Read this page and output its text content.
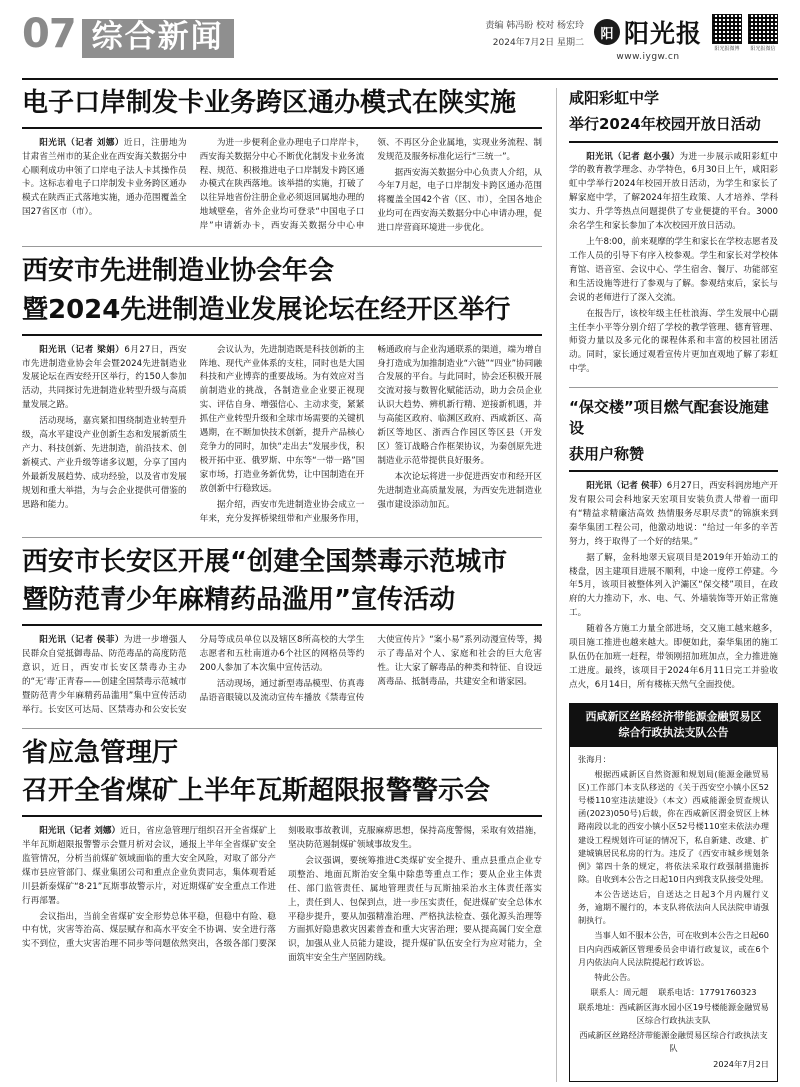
07 综合新闻	责编 韩冯盼 校对 杨宏玲
2024年7月2日 星期二
阳 阳光报
www.iygw.cn
阳光报微博	阳光报微信
电子口岸制发卡业务跨区通办模式在陕实施

阳光讯（记者 刘娜）近日，注册地为甘肃省兰州市的某企业在西安海关数据分中心顺利成功申领了口岸电子法人卡其操作员卡。这标志着电子口岸制发卡业务跨区通办模式在陕西正式落地实施，通办范围覆盖全国27省区市（市）。

为进一步便利企业办理电子口岸岸卡，西安海关数据分中心不断优化制发卡业务流程、规范、积极推进电子口岸制发卡跨区通办模式在陕西落地。该举措的实施，打破了以往异地省份注册企业必须返回属地办理的地域壁垒，省外企业均可登录“中国电子口岸”申请新办卡，西安海关数据分中心申领、不再区分企业属地，实现业务流程、制发规范及服务标准化运行“三统一”。

据西安海关数据分中心负责人介绍，从今年7月起，电子口岸制发卡跨区通办范围将覆盖全国42个省（区、市），全国各地企业均可在西安海关数据分中心申请办理，促进口岸营商环境进一步优化。

西安市先进制造业协会年会
暨2024先进制造业发展论坛在经开区举行

阳光讯（记者 梁娟）6月27日，西安市先进制造业协会年会暨2024先进制造业发展论坛在西安经开区举行，约150人参加活动，共同探讨先进制造业转型升级与高质量发展之路。

活动现场，嘉宾紧扣围绕制造业转型升级，高水平建设产业创新生态和发展新质生产力、科技创新、先进制造，前沿技术、创新模式、产业升级等诸多议题，分享了国内外最新发展趋势、成功经验，以及省市发展规划和重大举措，为与会企业提供可借鉴的思路和能力。

会议认为，先进制造既是科技创新的主阵地、现代产业体系的支柱，同时也是大国科技和产业博弈的重要战场。为有效应对当前制造业的挑战，各制造业企业要正视现实、评估自身、增强信心、主动求变，紧紧抓住产业转型升级和全球市场需要的关键机遇期，在不断加快技术创新，提升产品核心竞争力的同时，加快“走出去”发展步伐，积极开拓中亚、俄罗斯、中东等“一带一路”国家市场，打造业务新优势，让中国制造在开放创新中行稳致远。

据介绍，西安市先进制造业协会成立一年来，充分发挥桥梁纽带和产业服务作用，畅通政府与企业沟通联系的渠道，端为增自身打造成为加推制造业“六链”“四业”协同融合发展的平台。与此同时，协会还积极开展交流对接与数智化赋能活动，助力会员企业认识大趋势、辨机新行精、逆接新机遇，并与高能区政府、临渊区政府、西咸新区、高新区等地区、浙西合作园区等区县（开发区）签订战略合作框架协议，为秦创原先进制造业示范带提供良好服务。

本次论坛将进一步促进西安市和经开区先进制造业高质量发展，为西安先进制造业强市建设添动加瓦。

西安市长安区开展“创建全国禁毒示范城市
暨防范青少年麻精药品滥用”宣传活动

阳光讯（记者 侯菲）为进一步增强人民群众自觉抵御毒品、防范毒品的高度防范意识，近日，西安市长安区禁毒办主办的“无‘毒’正青春——创建全国禁毒示范城市暨防范青少年麻精药品滥用”集中宣传活动举行。长安区可达局、区禁毒办和公安长安分局等成员单位以及辖区8所高校的大学生志愿者和五杜南道办6个社区的网格员等约200人参加了本次集中宣传活动。

活动现场，通过新型毒品模型、仿真毒品语音眼镜以及流动宣传车播放《禁毒宣传大使宣传片》“案小易”系列动漫宣传等，揭示了毒品对个人、家庭和社会的巨大危害性。让大家了解毒品的种类和特征、自设远离毒品、抵制毒品，共建安全和谐家园。

省应急管理厅
召开全省煤矿上半年瓦斯超限报警警示会

阳光讯（记者 刘娜）近日，省应急管理厅组织召开全省煤矿上半年瓦斯超限报警警示会暨月析对会议，通报上半年全省煤矿安全监管情况，分析当前煤矿领域面临的重大安全风险，对取了部分产煤市县应管部门、煤业集团公司和重点企业负责同志，集体观看延川县新泰煤矿“8·21”瓦斯事故警示片，对近期煤矿安全重点工作进行再部署。

会议指出，当前全省煤矿安全形势总体平稳，但稳中有险、稳中有忧，灾害等治高、煤层赋存和高水平安全不协调、安全进行落实不到位，重大灾害治理不同步等问题依然突出，各级各部门要深刻吸取事故教训，克服麻痹思想，保持高度警惕，采取有效措施，坚决防范遏制煤矿领域事故发生。

会议强调，要统筹推进C类煤矿安全提升、重点县重点企业专项整治、地面瓦斯治安全集中除患等重点工作；要从企业主体责任、部门监管责任、属地管理责任与瓦斯抽采治水主体责任落实上，责任到人、包保到点，进一步压实责任，促进煤矿安全总体水平稳步提升，要从加强精准治理、严格执法检查、强化源头治理等方面抓好隐患救灾因素普查和重大灾害治理；要从提高属门安全意识，加强从业人员能力建设，提升煤矿队伍安全行为应对能力，全面筑牢安全生产坚固防线。

咸阳彩虹中学
举行2024年校园开放日活动

阳光讯（记者 赵小强）为进一步展示咸阳彩虹中学的教育教学理念、办学特色，6月30日上午，咸阳彩虹中学举行2024年校园开放日活动，为学生和家长了解家庭中学，了解2024年招生政策、人才培养、学科实力、升学等热点问题提供了专业便捷的平台。3000余名学生和家长参加了本次校园开放日活动。

上午8:00，前来观摩的学生和家长在学校志愿者及工作人员的引导下有序入校参观。学生和家长对学校体育馆、语音室、会议中心、学生宿舍、餐厅、功能部室和生活设施等进行了参观与了解。参观结束后，家长与会说的老师进行了深入交流。

在报告厅，该校年级主任杜浪海、学生发展中心副主任李小平等分别介绍了学校的教学管理、德育管理、师资力量以及多元化的课程体系和丰富的校园社团活动。同时，家长通过观看宣传片更加直观地了解了彩虹中学。

“保交楼”项目燃气配套设施建设
获用户称赞

阳光讯（记者 侯菲）6月27日，西安科润房地产开发有限公司会科地家天宏项目安装负责人带着一面印有“精益求精廉洁高效 热情服务尽职尽责”的锦旗来到秦华集团工程公司，他激动地说：“给过一年多的辛苦努力，终于取得了一个好的结果。”

据了解，金科地翠天宸项目是2019年开始动工的楼盘，因主建项目进展不顺利，中途一度停工停建。今年5月，该项目被整体列入沪灞区“保交楼”项目，在政府的大力推动下，水、电、气、外墙装饰等开始正常施工。

随着各方施工力量全部进场，交又施工越来越多，项目施工推进也越来越大。即便如此，秦华集团的施工队伍仍在加班一赶程，带领刚招加班加点，全力推进施工进度。最终，该项目于2024年6月11日完工并验收点火，6月14日，所有楼栋天然气全面投使。

西咸新区丝路经济带能源金融贸易区
综合行政执法支队公告

张海月：

根据西咸新区自然资源和规划局(能源金融贸易区)工作部门本支队移送的《关于西安空小镇小区52号楼110室违法建设》（本文）西咸能源金贸查规认函(2023)050号)后载，你在西咸新区渭金贸区上林路南段以北的西安小镇小区52号楼110室未依法办理建设工程规划许可证的情况下，私自新建、改建、扩建城镇居民私房的行为。违反了《西安市城乡规划条例》第四十条的规定，将依法采取行政强制措施拆除。自收到本公告之日起10日内到我支队接受处理。

本公告送达后，自送达之日起3个月内履行义务，逾期不履行的，本支队将依法向人民法院申请强制执行。

当事人如不服本公告，可在收到本公告之日起60日内向西咸新区管理委员会申请行政复议，或在6个月内依法向人民法院提起行政诉讼。

特此公告。

联系人：周元超 联系电话：17791760323

联系地址：西咸新区海水园小区19号楼能源金融贸易区综合行政执法支队

西咸新区丝路经济带能源金融贸易区综合行政执法支队

2024年7月2日
